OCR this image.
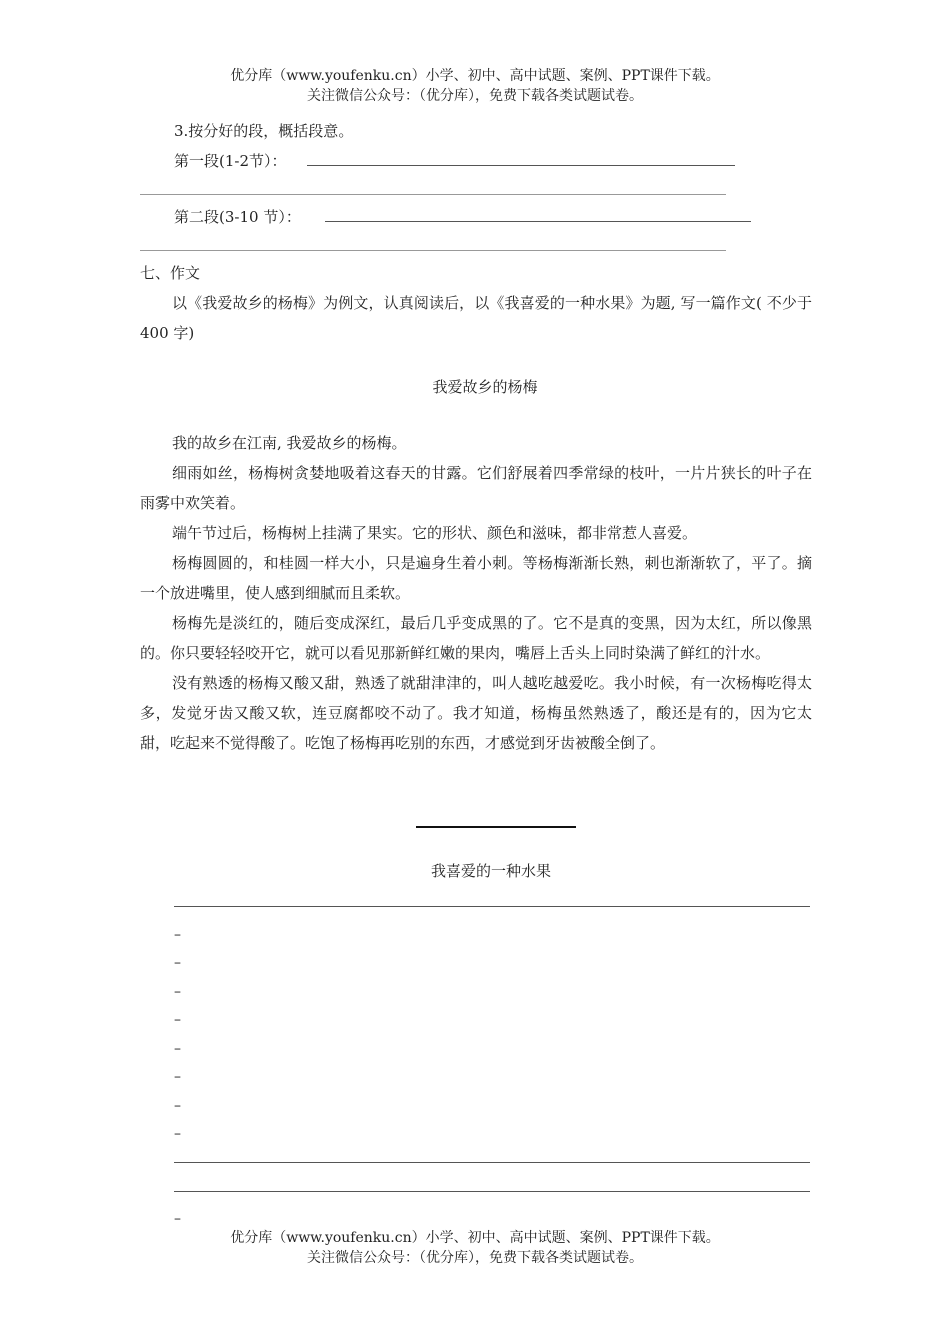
优分库（www.youfenku.cn）小学、初中、高中试题、案例、PPT课件下载。
关注微信公众号：（优分库），免费下载各类试题试卷。
3.按分好的段，概括段意。
第一段(1-2节）：
第二段(3-10 节）：
七、作文
以《我爱故乡的杨梅》为例文，认真阅读后，以《我喜爱的一种水果》为题, 写一篇作文( 不少于400 字)
我爱故乡的杨梅
我的故乡在江南, 我爱故乡的杨梅。
细雨如丝，杨梅树贪婪地吸着这春天的甘露。它们舒展着四季常绿的枝叶，一片片狭长的叶子在雨雾中欢笑着。
端午节过后，杨梅树上挂满了果实。它的形状、颜色和滋味，都非常惹人喜爱。
杨梅圆圆的，和桂圆一样大小，只是遍身生着小刺。等杨梅渐渐长熟，刺也渐渐软了，平了。摘一个放进嘴里，使人感到细腻而且柔软。
杨梅先是淡红的，随后变成深红，最后几乎变成黑的了。它不是真的变黑，因为太红，所以像黑的。你只要轻轻咬开它，就可以看见那新鲜红嫩的果肉，嘴唇上舌头上同时染满了鲜红的汁水。
没有熟透的杨梅又酸又甜，熟透了就甜津津的，叫人越吃越爱吃。我小时候，有一次杨梅吃得太多，发觉牙齿又酸又软，连豆腐都咬不动了。我才知道，杨梅虽然熟透了，酸还是有的，因为它太甜，吃起来不觉得酸了。吃饱了杨梅再吃别的东西，才感觉到牙齿被酸全倒了。
我喜爱的一种水果
–
–
–
–
–
–
–
–
–
优分库（www.youfenku.cn）小学、初中、高中试题、案例、PPT课件下载。
关注微信公众号：（优分库），免费下载各类试题试卷。
